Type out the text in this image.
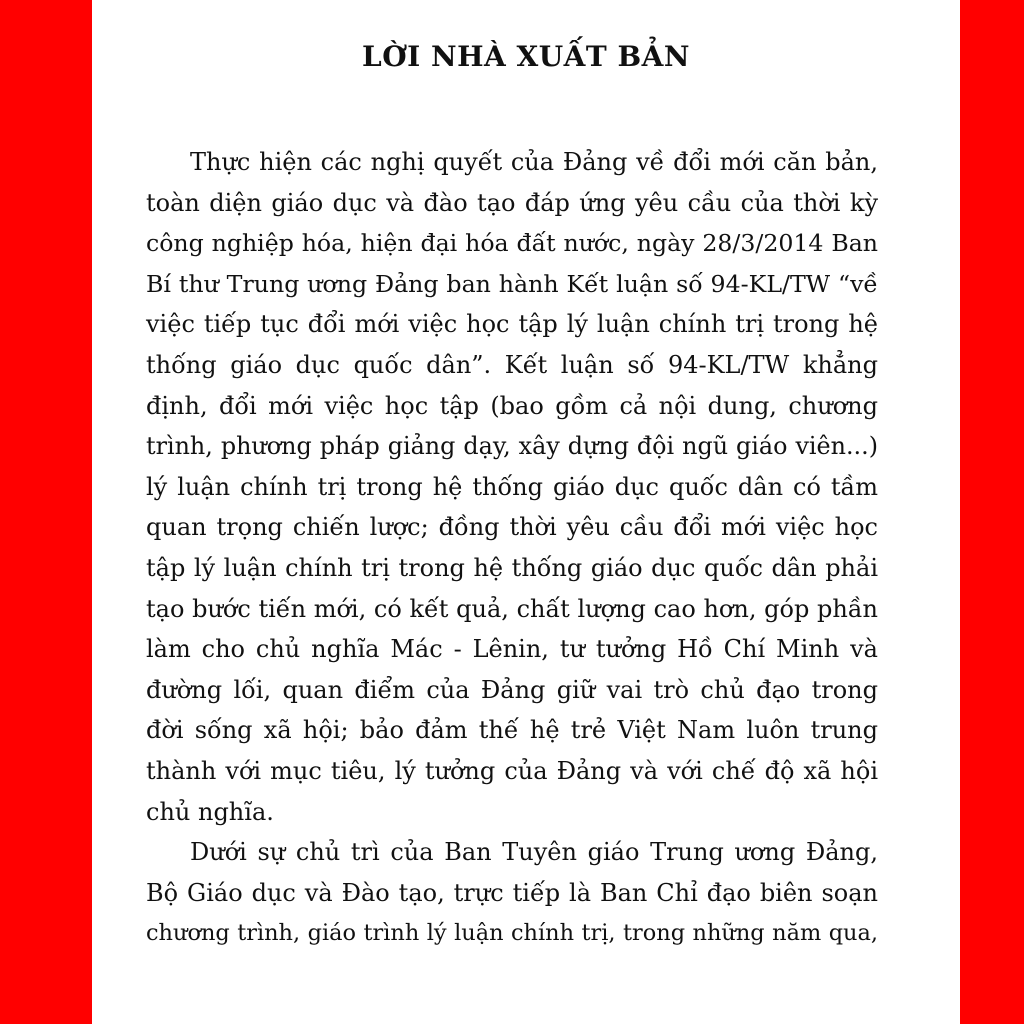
LỜI NHÀ XUẤT BẢN
Thực hiện các nghị quyết của Đảng về đổi mới căn bản,
toàn diện giáo dục và đào tạo đáp ứng yêu cầu của thời kỳ
công nghiệp hóa, hiện đại hóa đất nước, ngày 28/3/2014 Ban
Bí thư Trung ương Đảng ban hành Kết luận số 94-KL/TW “về
việc tiếp tục đổi mới việc học tập lý luận chính trị trong hệ
thống giáo dục quốc dân”. Kết luận số 94-KL/TW khẳng
định, đổi mới việc học tập (bao gồm cả nội dung, chương
trình, phương pháp giảng dạy, xây dựng đội ngũ giáo viên...)
lý luận chính trị trong hệ thống giáo dục quốc dân có tầm
quan trọng chiến lược; đồng thời yêu cầu đổi mới việc học
tập lý luận chính trị trong hệ thống giáo dục quốc dân phải
tạo bước tiến mới, có kết quả, chất lượng cao hơn, góp phần
làm cho chủ nghĩa Mác - Lênin, tư tưởng Hồ Chí Minh và
đường lối, quan điểm của Đảng giữ vai trò chủ đạo trong
đời sống xã hội; bảo đảm thế hệ trẻ Việt Nam luôn trung
thành với mục tiêu, lý tưởng của Đảng và với chế độ xã hội
chủ nghĩa.
Dưới sự chủ trì của Ban Tuyên giáo Trung ương Đảng,
Bộ Giáo dục và Đào tạo, trực tiếp là Ban Chỉ đạo biên soạn
chương trình, giáo trình lý luận chính trị, trong những năm qua,
